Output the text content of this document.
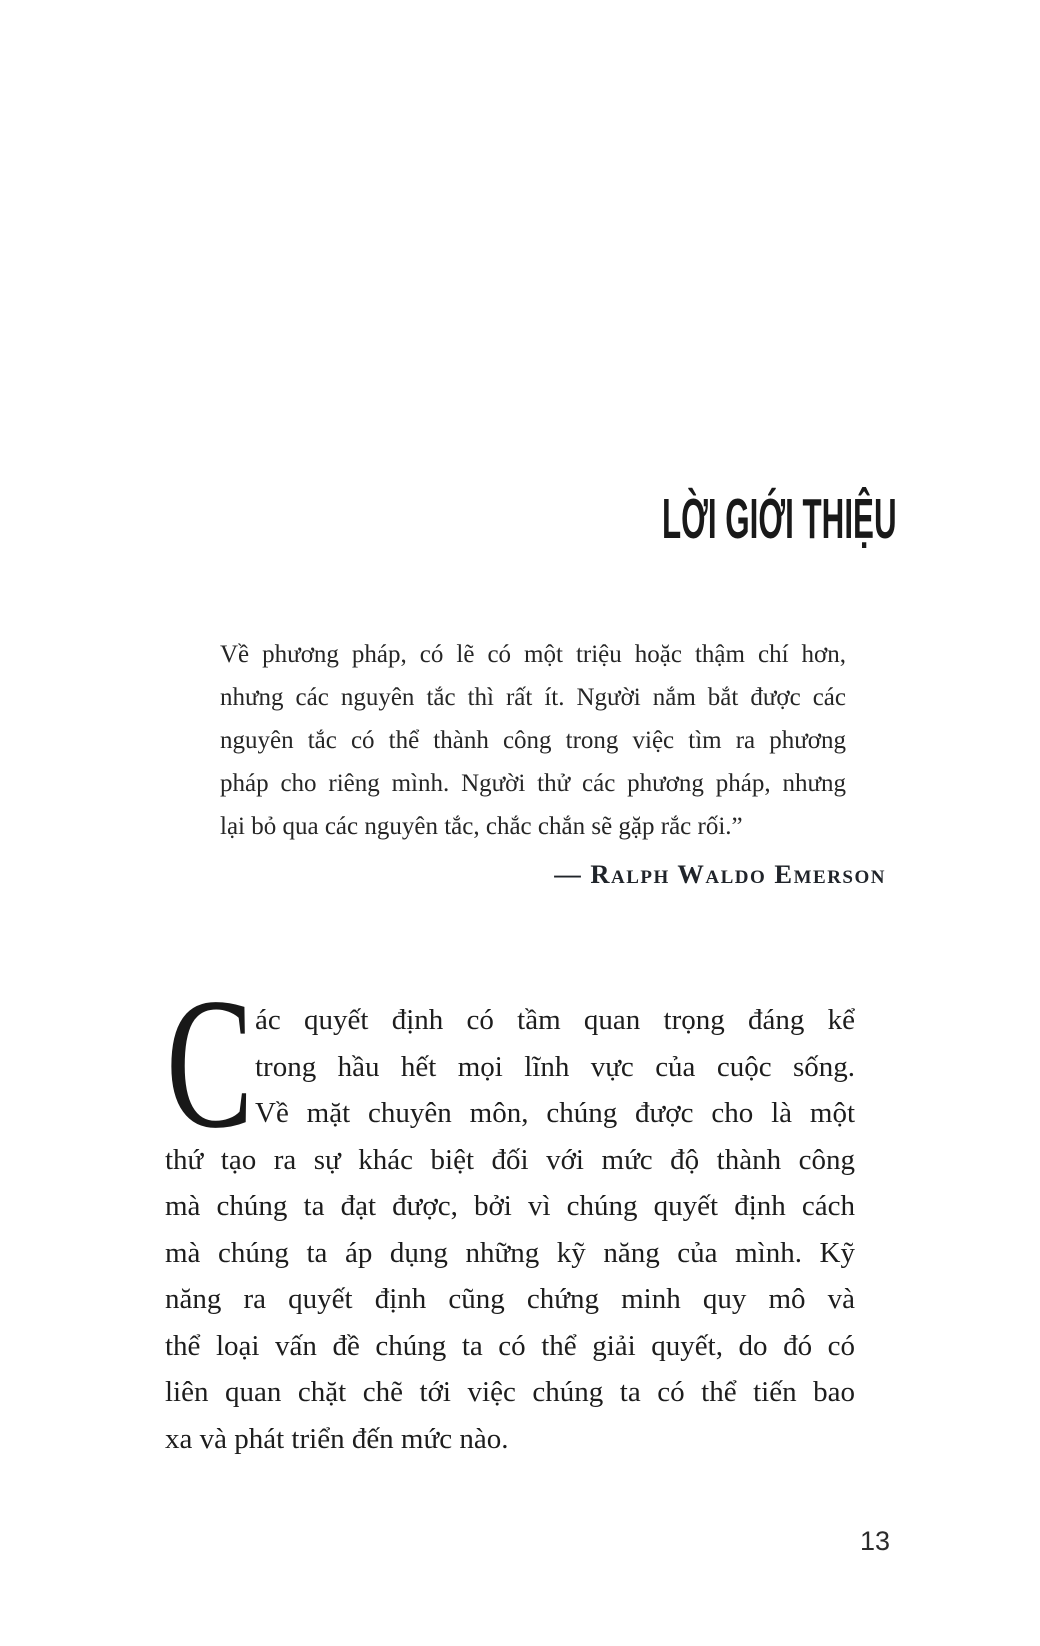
LỜI GIỚI THIỆU
Về phương pháp, có lẽ có một triệu hoặc thậm chí hơn,
nhưng các nguyên tắc thì rất ít. Người nắm bắt được các
nguyên tắc có thể thành công trong việc tìm ra phương
pháp cho riêng mình. Người thử các phương pháp, nhưng
lại bỏ qua các nguyên tắc, chắc chắn sẽ gặp rắc rối.”
— Ralph Waldo Emerson
C ác quyết định có tầm quan trọng đáng kể
trong hầu hết mọi lĩnh vực của cuộc sống.
Về mặt chuyên môn, chúng được cho là một
thứ tạo ra sự khác biệt đối với mức độ thành công
mà chúng ta đạt được, bởi vì chúng quyết định cách
mà chúng ta áp dụng những kỹ năng của mình. Kỹ
năng ra quyết định cũng chứng minh quy mô và
thể loại vấn đề chúng ta có thể giải quyết, do đó có
liên quan chặt chẽ tới việc chúng ta có thể tiến bao
xa và phát triển đến mức nào.
13
